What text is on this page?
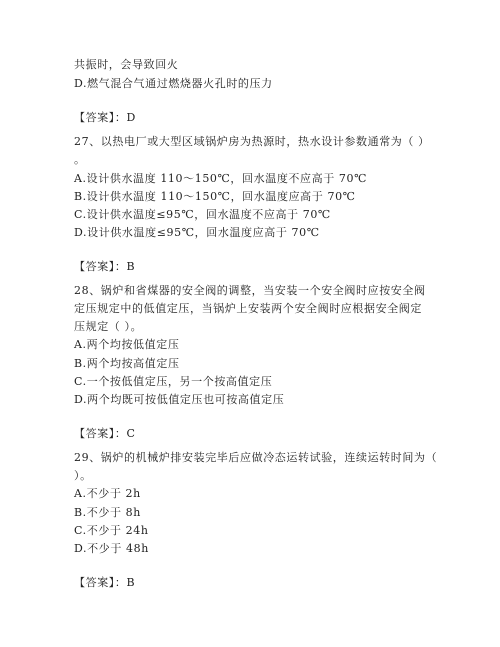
共振时，会导致回火
D.燃气混合气通过燃烧器火孔时的压力
【答案】：D
27、以热电厂或大型区域锅炉房为热源时，热水设计参数通常为（ ）
。
A.设计供水温度 110～150℃，回水温度不应高于 70℃
B.设计供水温度 110～150℃，回水温度应高于 70℃
C.设计供水温度≤95℃，回水温度不应高于 70℃
D.设计供水温度≤95℃，回水温度应高于 70℃
【答案】：B
28、锅炉和省煤器的安全阀的调整，当安装一个安全阀时应按安全阀
定压规定中的低值定压，当锅炉上安装两个安全阀时应根据安全阀定
压规定（ ）。
A.两个均按低值定压
B.两个均按高值定压
C.一个按低值定压，另一个按高值定压
D.两个均既可按低值定压也可按高值定压
【答案】：C
29、锅炉的机械炉排安装完毕后应做冷态运转试验，连续运转时间为（
）。
A.不少于 2h
B.不少于 8h
C.不少于 24h
D.不少于 48h
【答案】：B
